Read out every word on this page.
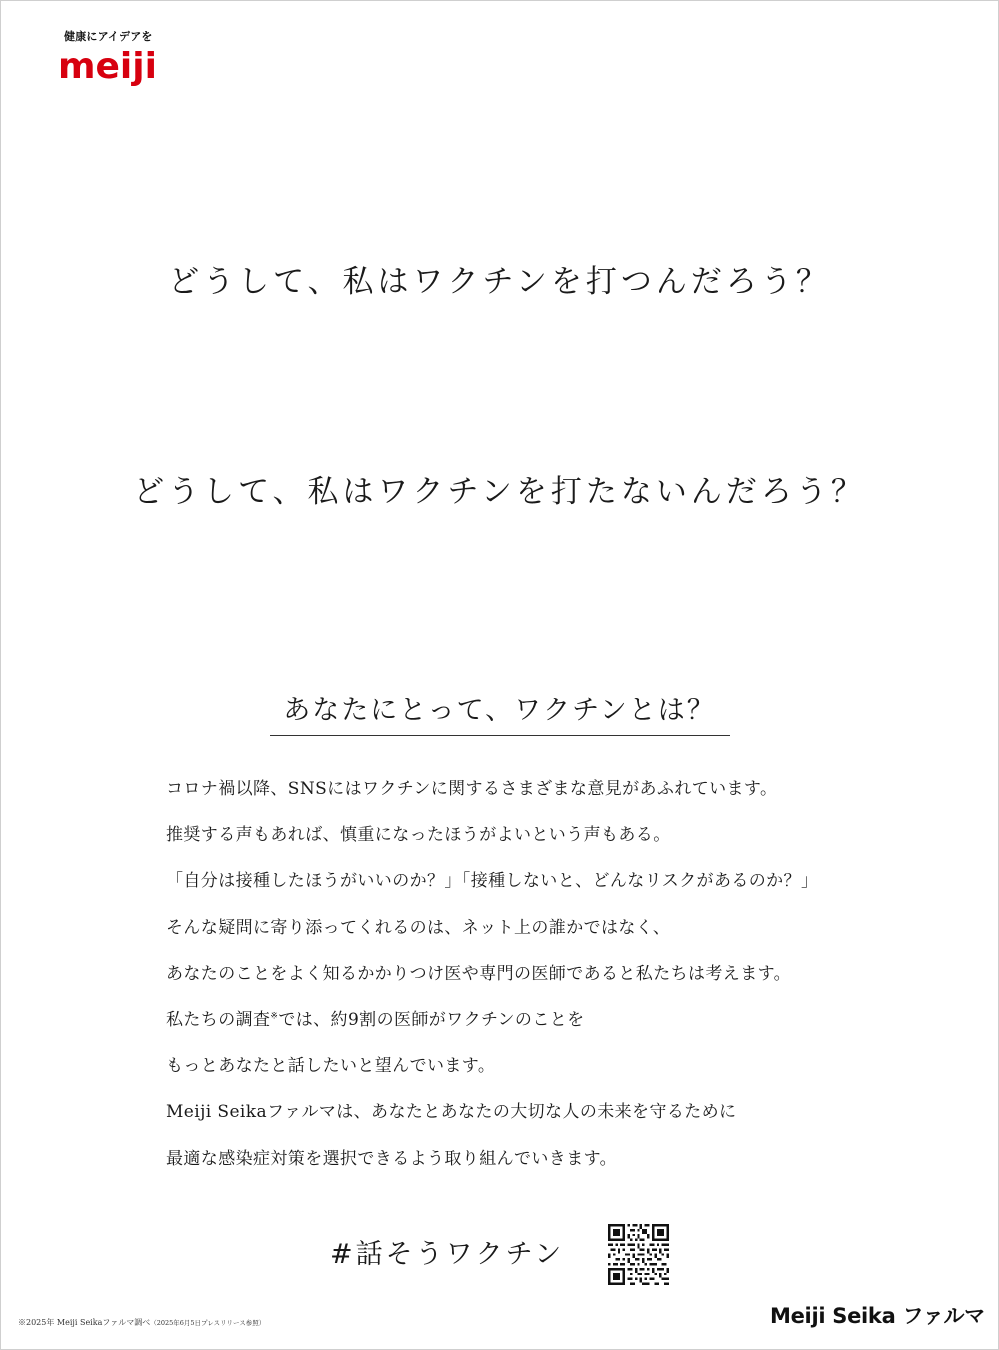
健康にアイデアを
meiji
どうして、私はワクチンを打つんだろう？
どうして、私はワクチンを打たないんだろう？
あなたにとって、ワクチンとは？
コロナ禍以降、SNSにはワクチンに関するさまざまな意見があふれています。
推奨する声もあれば、慎重になったほうがよいという声もある。
「自分は接種したほうがいいのか？」「接種しないと、どんなリスクがあるのか？」
そんな疑問に寄り添ってくれるのは、ネット上の誰かではなく、
あなたのことをよく知るかかりつけ医や専門の医師であると私たちは考えます。
私たちの調査※では、約9割の医師がワクチンのことを
もっとあなたと話したいと望んでいます。
Meiji Seikaファルマは、あなたとあなたの大切な人の未来を守るために
最適な感染症対策を選択できるよう取り組んでいきます。
#話そうワクチン
※2025年 Meiji Seikaファルマ調べ（2025年6月5日プレスリリース参照）	Meiji Seika ファルマ
